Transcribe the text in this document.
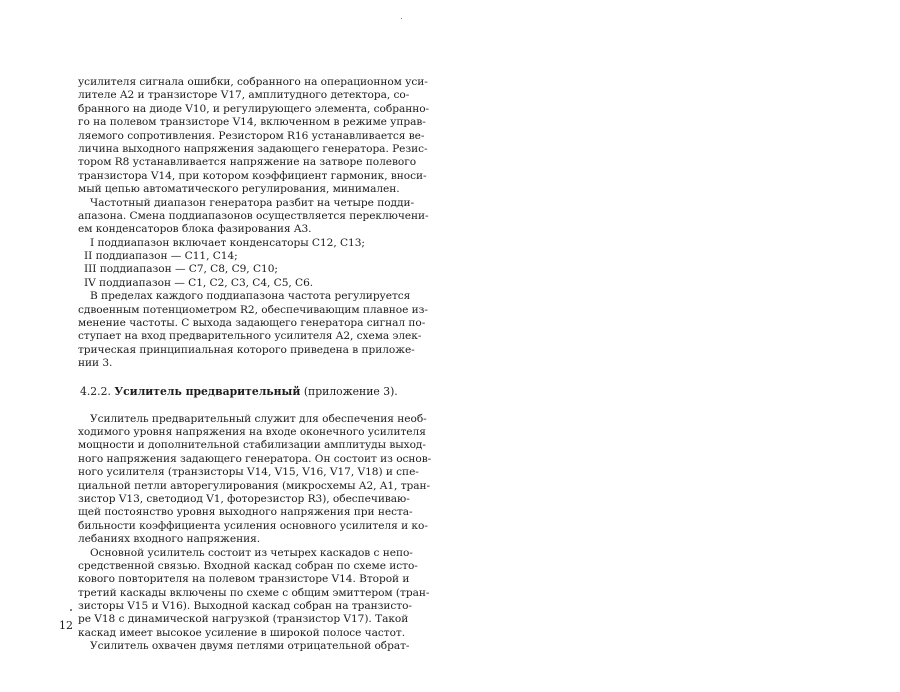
усилителя сигнала ошибки, собранного на операционном уси-
лителе A2 и транзисторе V17, амплитудного детектора, со-
бранного на диоде V10, и регулирующего элемента, собранно-
го на полевом транзисторе V14, включенном в режиме управ-
ляемого сопротивления. Резистором R16 устанавливается ве-
личина выходного напряжения задающего генератора. Резис-
тором R8 устанавливается напряжение на затворе полевого
транзистора V14, при котором коэффициент гармоник, вноси-
мый цепью автоматического регулирования, минимален.
Частотный диапазон генератора разбит на четыре подди-
апазона. Смена поддиапазонов осуществляется переключени-
ем конденсаторов блока фазирования A3.
I поддиапазон включает конденсаторы C12, C13;
II поддиапазон — C11, C14;
III поддиапазон — C7, C8, C9, C10;
IV поддиапазон — C1, C2, C3, C4, C5, C6.
В пределах каждого поддиапазона частота регулируется
сдвоенным потенциометром R2, обеспечивающим плавное из-
менение частоты. С выхода задающего генератора сигнал по-
ступает на вход предварительного усилителя A2, схема элек-
трическая принципиальная которого приведена в приложе-
нии 3.
4.2.2. Усилитель предварительный (приложение 3).
Усилитель предварительный служит для обеспечения необ-
ходимого уровня напряжения на входе оконечного усилителя
мощности и дополнительной стабилизации амплитуды выход-
ного напряжения задающего генератора. Он состоит из основ-
ного усилителя (транзисторы V14, V15, V16, V17, V18) и спе-
циальной петли авторегулирования (микросхемы A2, A1, тран-
зистор V13, светодиод V1, фоторезистор R3), обеспечиваю-
щей постоянство уровня выходного напряжения при неста-
бильности коэффициента усиления основного усилителя и ко-
лебаниях входного напряжения.
Основной усилитель состоит из четырех каскадов с непо-
средственной связью. Входной каскад собран по схеме исто-
кового повторителя на полевом транзисторе V14. Второй и
третий каскады включены по схеме с общим эмиттером (тран-
зисторы V15 и V16). Выходной каскад собран на транзисто-
ре V18 с динамической нагрузкой (транзистор V17). Такой
каскад имеет высокое усиление в широкой полосе частот.
Усилитель охвачен двумя петлями отрицательной обрат-
12
